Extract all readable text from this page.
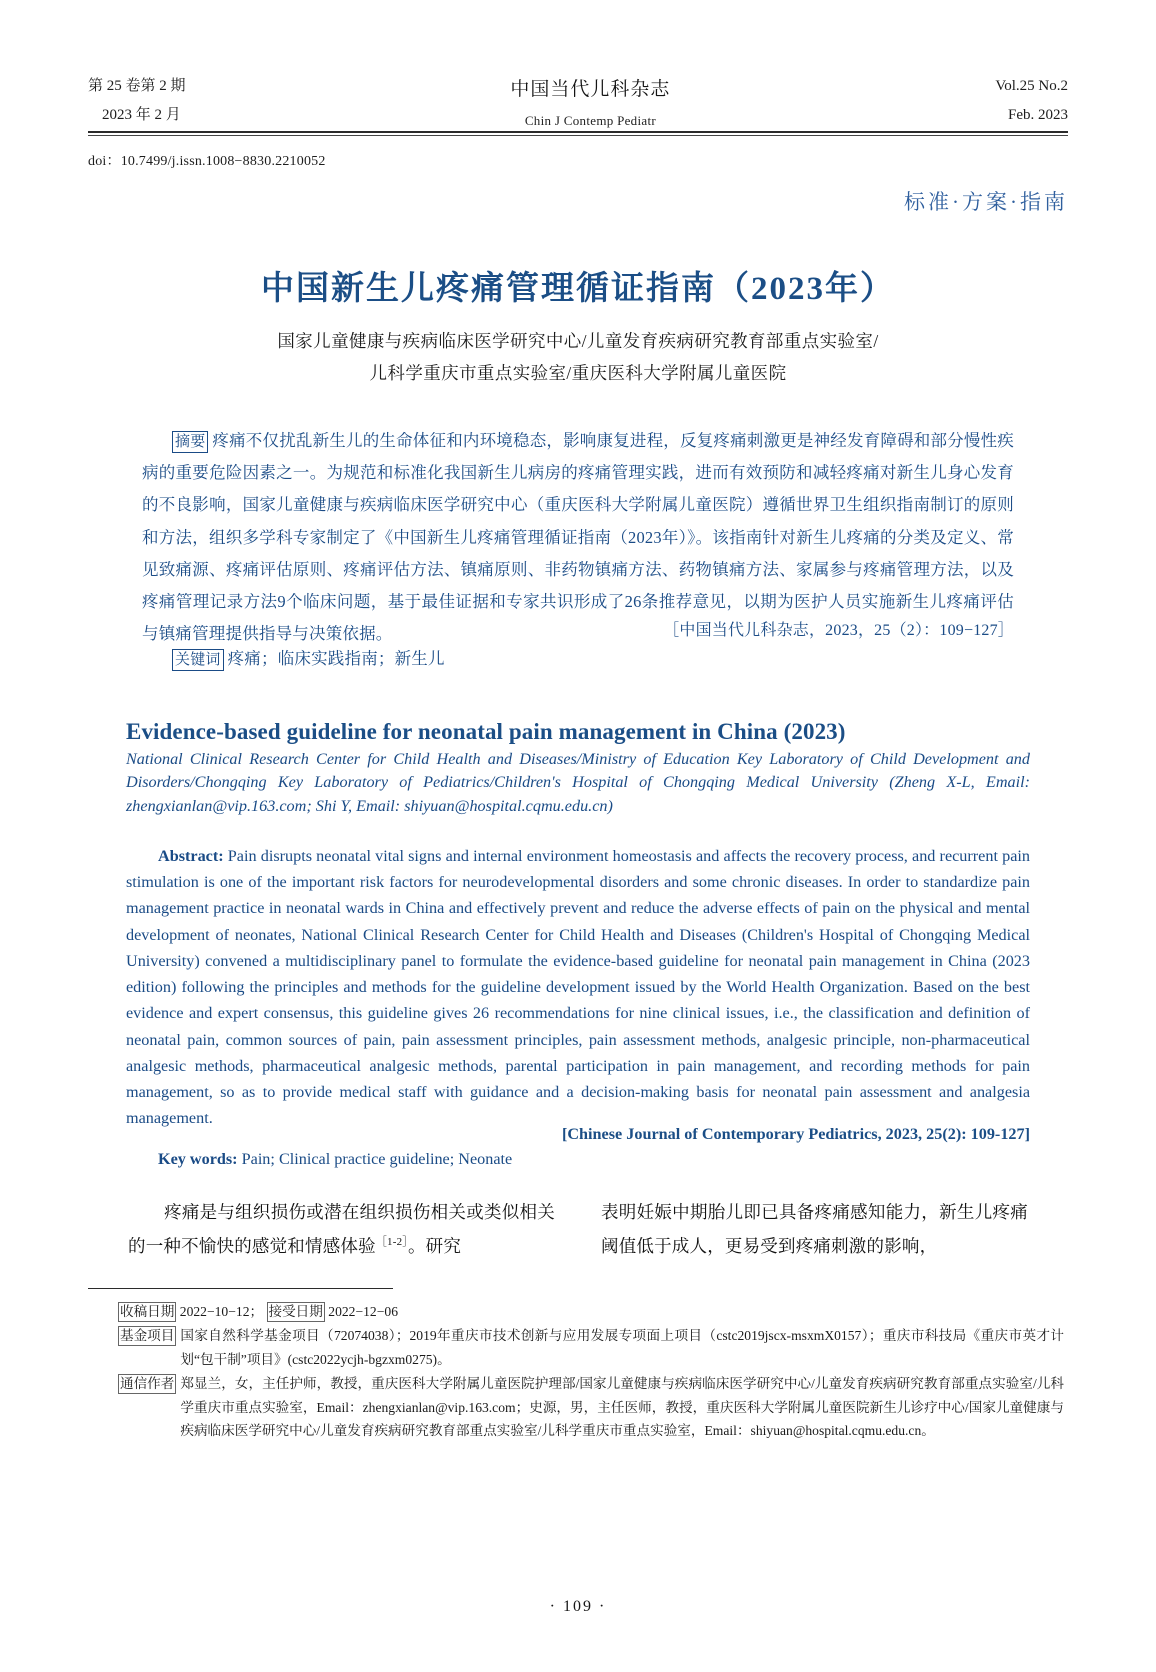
第 25 卷第 2 期
2023 年 2 月
中国当代儿科杂志
Chin J Contemp Pediatr
Vol.25 No.2
Feb. 2023
doi：10.7499/j.issn.1008−8830.2210052
标准·方案·指南
中国新生儿疼痛管理循证指南（2023年）
国家儿童健康与疾病临床医学研究中心/儿童发育疾病研究教育部重点实验室/
儿科学重庆市重点实验室/重庆医科大学附属儿童医院
摘要 疼痛不仅扰乱新生儿的生命体征和内环境稳态，影响康复进程，反复疼痛刺激更是神经发育障碍和部分慢性疾病的重要危险因素之一。为规范和标准化我国新生儿病房的疼痛管理实践，进而有效预防和减轻疼痛对新生儿身心发育的不良影响，国家儿童健康与疾病临床医学研究中心（重庆医科大学附属儿童医院）遵循世界卫生组织指南制订的原则和方法，组织多学科专家制定了《中国新生儿疼痛管理循证指南（2023年）》。该指南针对新生儿疼痛的分类及定义、常见致痛源、疼痛评估原则、疼痛评估方法、镇痛原则、非药物镇痛方法、药物镇痛方法、家属参与疼痛管理方法，以及疼痛管理记录方法9个临床问题，基于最佳证据和专家共识形成了26条推荐意见，以期为医护人员实施新生儿疼痛评估与镇痛管理提供指导与决策依据。	［中国当代儿科杂志，2023，25（2）：109−127］
关键词 疼痛；临床实践指南；新生儿
Evidence-based guideline for neonatal pain management in China (2023)
National Clinical Research Center for Child Health and Diseases/Ministry of Education Key Laboratory of Child Development and Disorders/Chongqing Key Laboratory of Pediatrics/Children's Hospital of Chongqing Medical University (Zheng X-L, Email: zhengxianlan@vip.163.com; Shi Y, Email: shiyuan@hospital.cqmu.edu.cn)
Abstract: Pain disrupts neonatal vital signs and internal environment homeostasis and affects the recovery process, and recurrent pain stimulation is one of the important risk factors for neurodevelopmental disorders and some chronic diseases. In order to standardize pain management practice in neonatal wards in China and effectively prevent and reduce the adverse effects of pain on the physical and mental development of neonates, National Clinical Research Center for Child Health and Diseases (Children's Hospital of Chongqing Medical University) convened a multidisciplinary panel to formulate the evidence-based guideline for neonatal pain management in China (2023 edition) following the principles and methods for the guideline development issued by the World Health Organization. Based on the best evidence and expert consensus, this guideline gives 26 recommendations for nine clinical issues, i.e., the classification and definition of neonatal pain, common sources of pain, pain assessment principles, pain assessment methods, analgesic principle, non-pharmaceutical analgesic methods, pharmaceutical analgesic methods, parental participation in pain management, and recording methods for pain management, so as to provide medical staff with guidance and a decision-making basis for neonatal pain assessment and analgesia management.
[Chinese Journal of Contemporary Pediatrics, 2023, 25(2): 109-127]
Key words: Pain; Clinical practice guideline; Neonate
疼痛是与组织损伤或潜在组织损伤相关或类似相关的一种不愉快的感觉和情感体验$^{[1-2]}$。研究
表明妊娠中期胎儿即已具备疼痛感知能力，新生儿疼痛阈值低于成人，更易受到疼痛刺激的影响，
收稿日期 2022−10−12； 接受日期 2022−12−06
基金项目 国家自然科学基金项目（72074038）；2019年重庆市技术创新与应用发展专项面上项目（cstc2019jscx-msxmX0157）；重庆市科技局《重庆市英才计划“包干制”项目》(cstc2022ycjh-bgzxm0275)。
通信作者 郑显兰，女，主任护师，教授，重庆医科大学附属儿童医院护理部/国家儿童健康与疾病临床医学研究中心/儿童发育疾病研究教育部重点实验室/儿科学重庆市重点实验室，Email：zhengxianlan@vip.163.com；史源，男，主任医师，教授，重庆医科大学附属儿童医院新生儿诊疗中心/国家儿童健康与疾病临床医学研究中心/儿童发育疾病研究教育部重点实验室/儿科学重庆市重点实验室，Email：shiyuan@hospital.cqmu.edu.cn。
· 109 ·
